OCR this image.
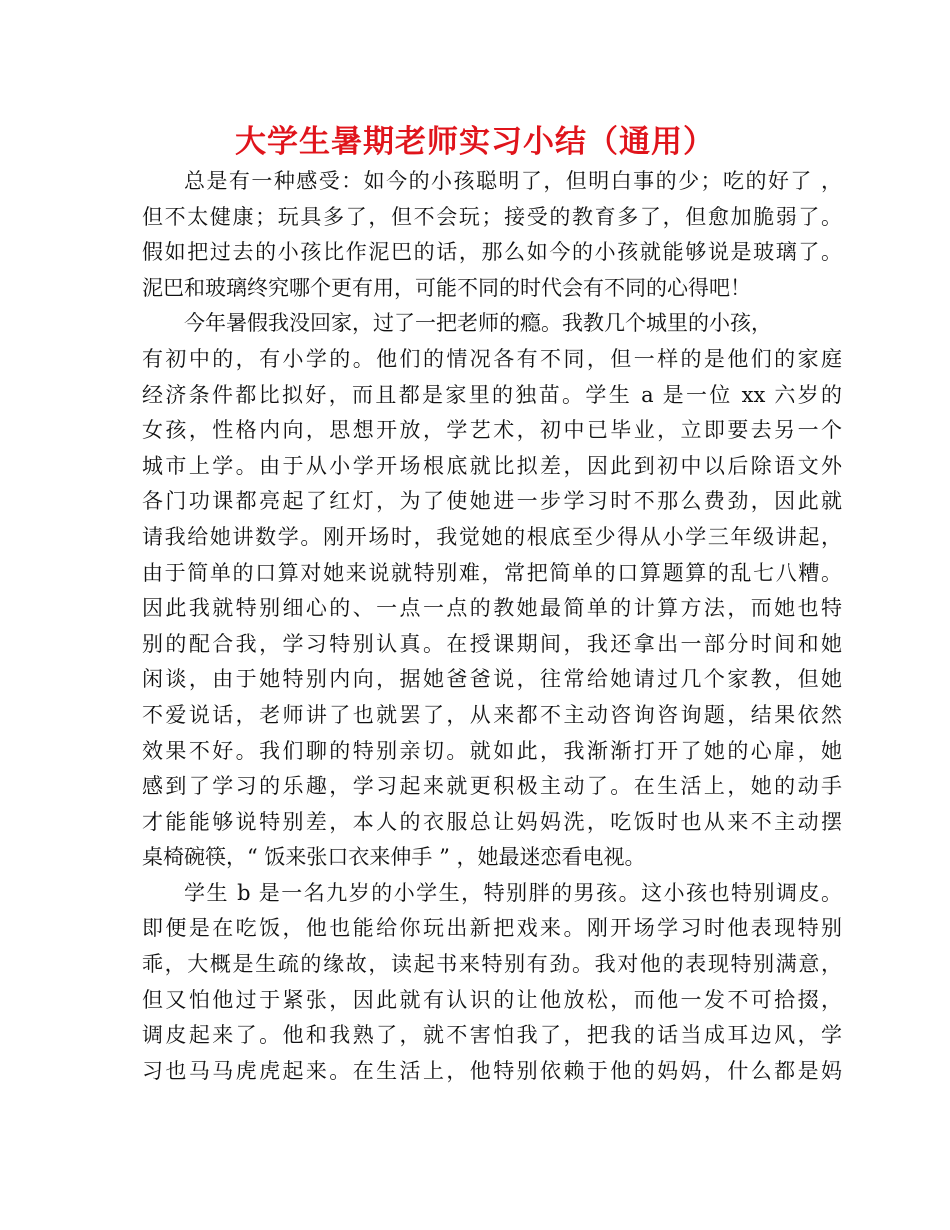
大学生暑期老师实习小结（通用）
总是有一种感受：如今的小孩聪明了，但明白事的少；吃的好了 ，
但不太健康；玩具多了，但不会玩；接受的教育多了，但愈加脆弱了。
假如把过去的小孩比作泥巴的话，那么如今的小孩就能够说是玻璃了。
泥巴和玻璃终究哪个更有用，可能不同的时代会有不同的心得吧！
今年暑假我没回家，过了一把老师的瘾。我教几个城里的小孩，
有初中的，有小学的。他们的情况各有不同，但一样的是他们的家庭
经济条件都比拟好，而且都是家里的独苗。学生 a 是一位 xx 六岁的
女孩，性格内向，思想开放，学艺术，初中已毕业，立即要去另一个
城市上学。由于从小学开场根底就比拟差，因此到初中以后除语文外
各门功课都亮起了红灯，为了使她进一步学习时不那么费劲，因此就
请我给她讲数学。刚开场时，我觉她的根底至少得从小学三年级讲起，
由于简单的口算对她来说就特别难，常把简单的口算题算的乱七八糟。
因此我就特别细心的、一点一点的教她最简单的计算方法，而她也特
别的配合我，学习特别认真。在授课期间，我还拿出一部分时间和她
闲谈，由于她特别内向，据她爸爸说，往常给她请过几个家教，但她
不爱说话，老师讲了也就罢了，从来都不主动咨询咨询题，结果依然
效果不好。我们聊的特别亲切。就如此，我渐渐打开了她的心扉，她
感到了学习的乐趣，学习起来就更积极主动了。在生活上，她的动手
才能能够说特别差，本人的衣服总让妈妈洗，吃饭时也从来不主动摆
桌椅碗筷，“ 饭来张口衣来伸手 ” ，她最迷恋看电视。
学生 b 是一名九岁的小学生，特别胖的男孩。这小孩也特别调皮。
即便是在吃饭，他也能给你玩出新把戏来。刚开场学习时他表现特别
乖，大概是生疏的缘故，读起书来特别有劲。我对他的表现特别满意，
但又怕他过于紧张，因此就有认识的让他放松，而他一发不可拾掇，
调皮起来了。他和我熟了，就不害怕我了，把我的话当成耳边风，学
习也马马虎虎起来。在生活上，他特别依赖于他的妈妈，什么都是妈
